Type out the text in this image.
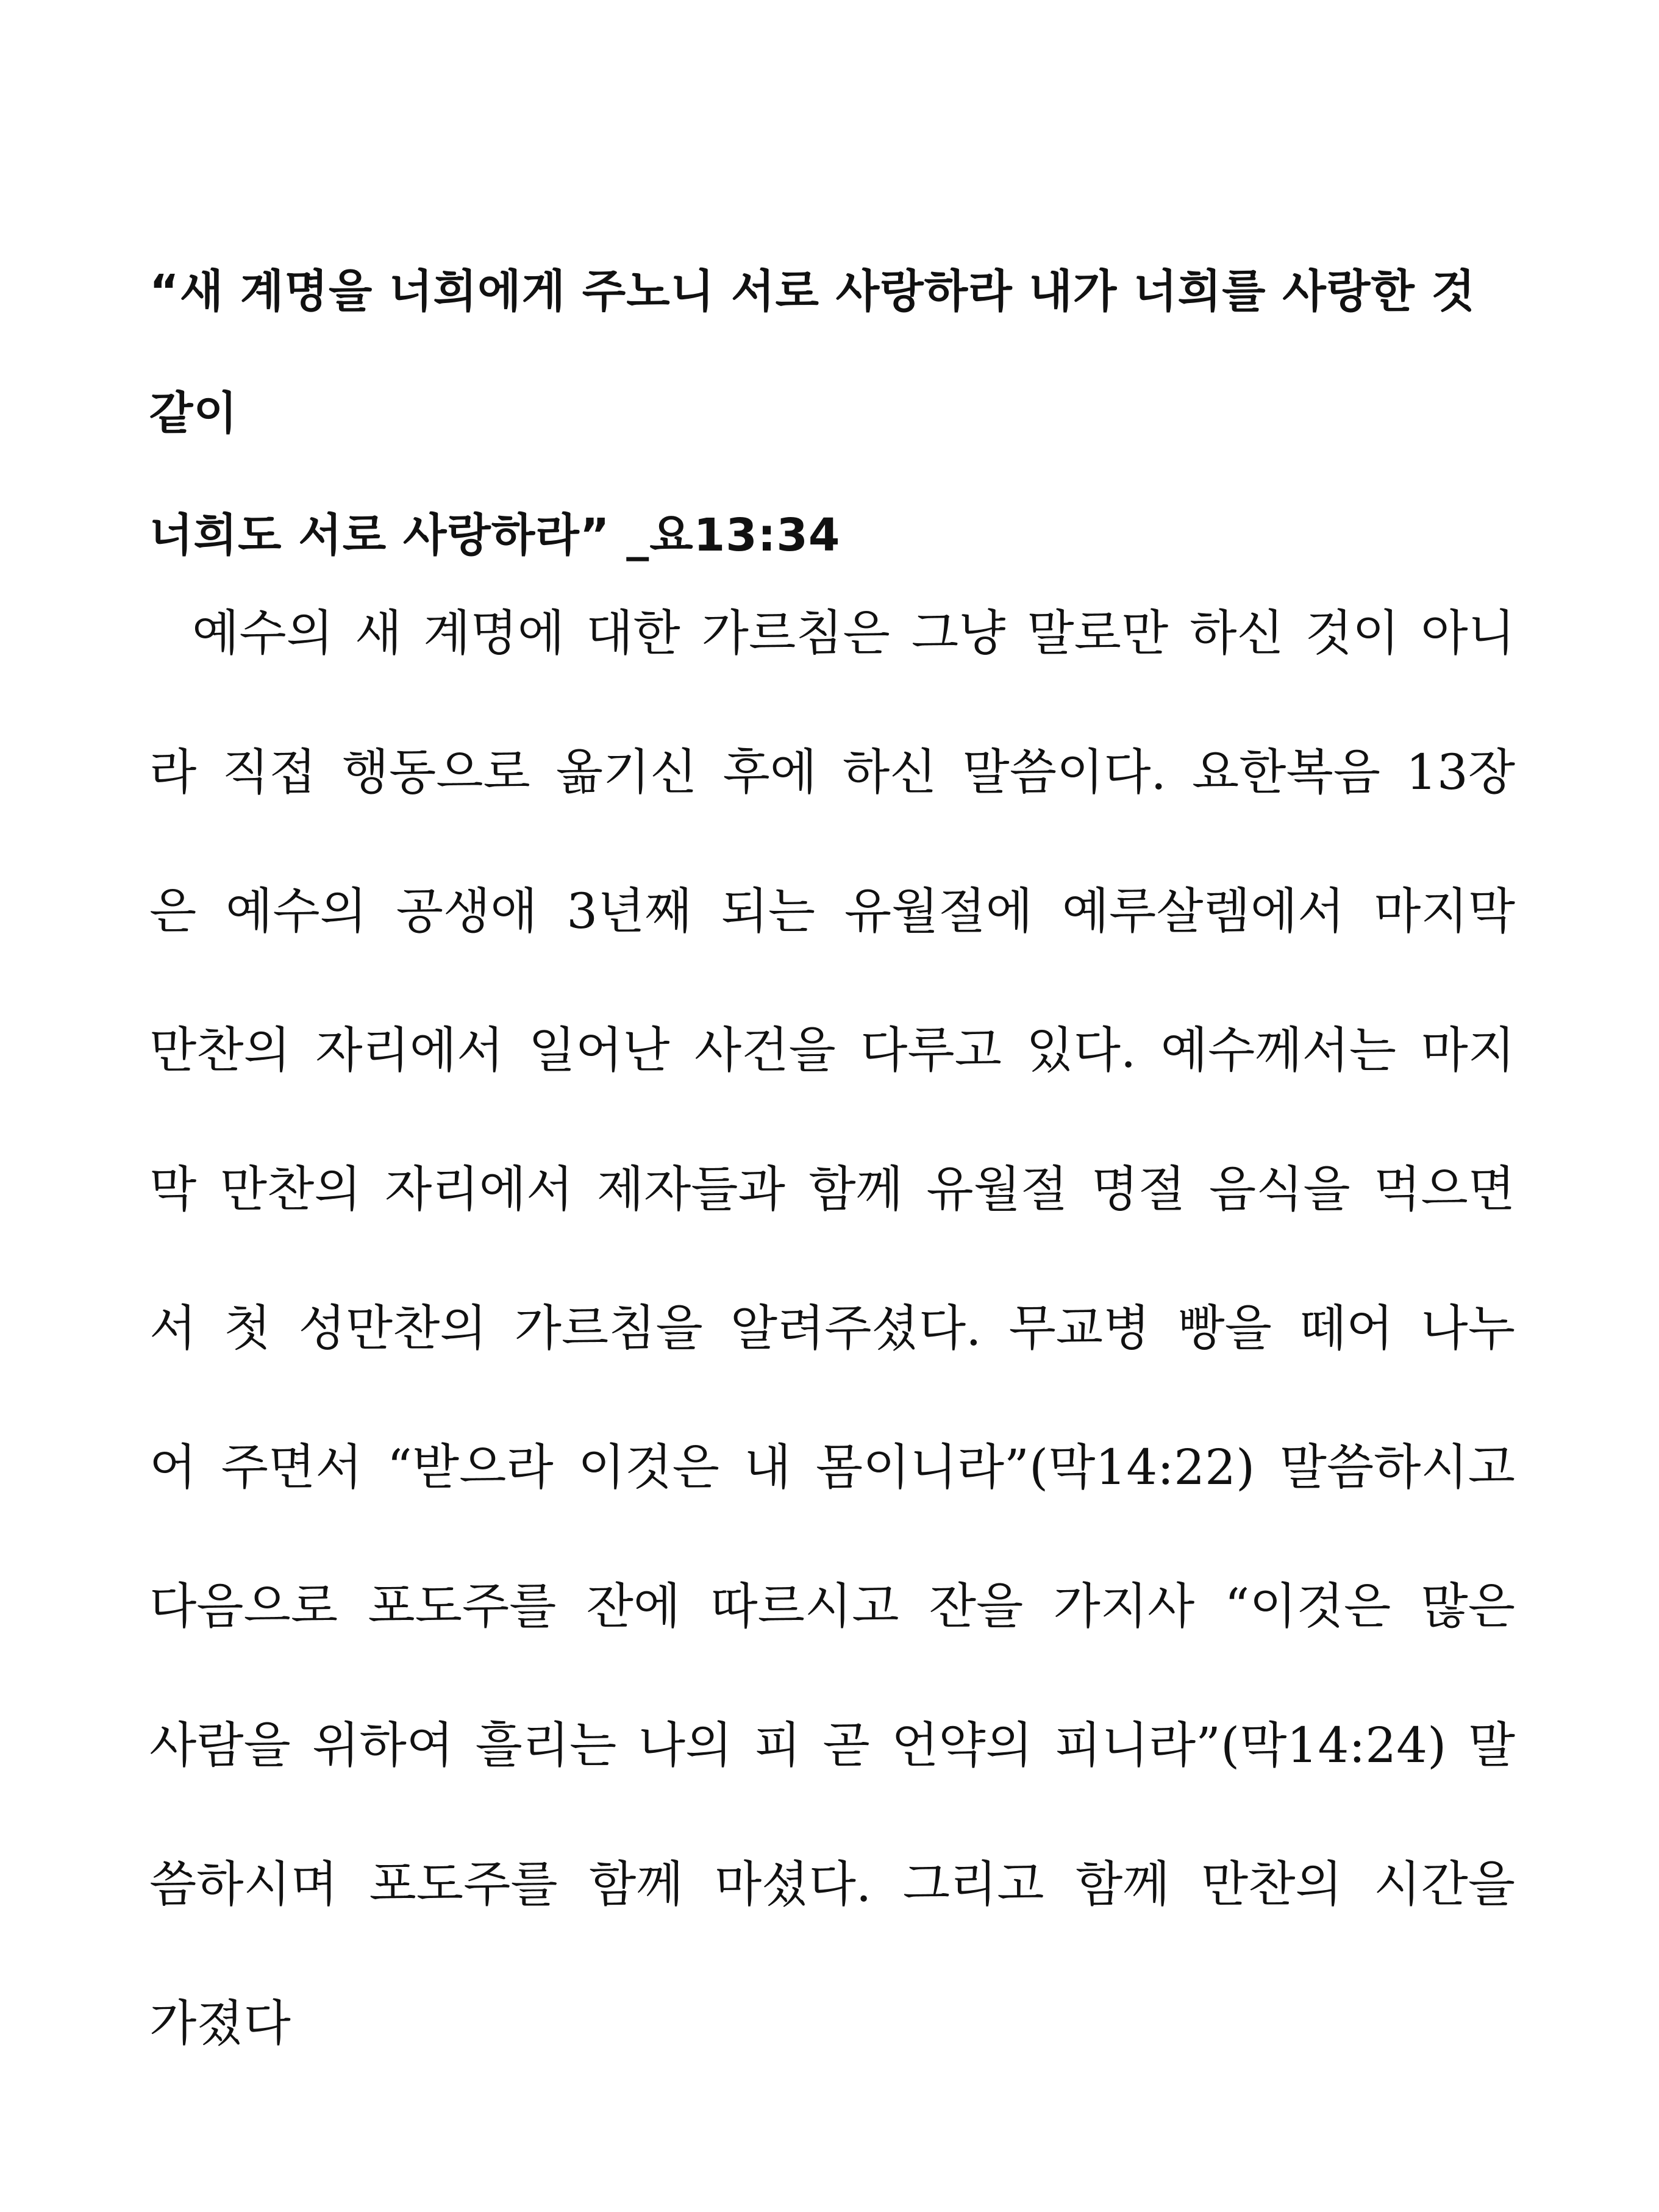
“새 계명을 너희에게 주노니 서로 사랑하라 내가 너희를 사랑한 것 같이
너희도 서로 사랑하라” _요13:34
예수의 새 계명에 대한 가르침은 그냥 말로만 하신 것이 아니
라 직접 행동으로 옮기신 후에 하신 말씀이다. 요한복음 13장
은 예수의 공생애 3년째 되는 유월절에 예루살렘에서 마지막
만찬의 자리에서 일어난 사건을 다루고 있다. 예수께서는 마지
막 만찬의 자리에서 제자들과 함께 유월절 명절 음식을 먹으면
서 첫 성만찬의 가르침을 알려주셨다. 무교병 빵을 떼어 나누
어 주면서 “받으라 이것은 내 몸이니라”(막14:22) 말씀하시고
다음으로 포도주를 잔에 따르시고 잔을 가지사 “이것은 많은
사람을 위하여 흘리는 나의 피 곧 언약의 피니라”(막14:24) 말
씀하시며 포도주를 함께 마셨다. 그리고 함께 만찬의 시간을
가졌다
